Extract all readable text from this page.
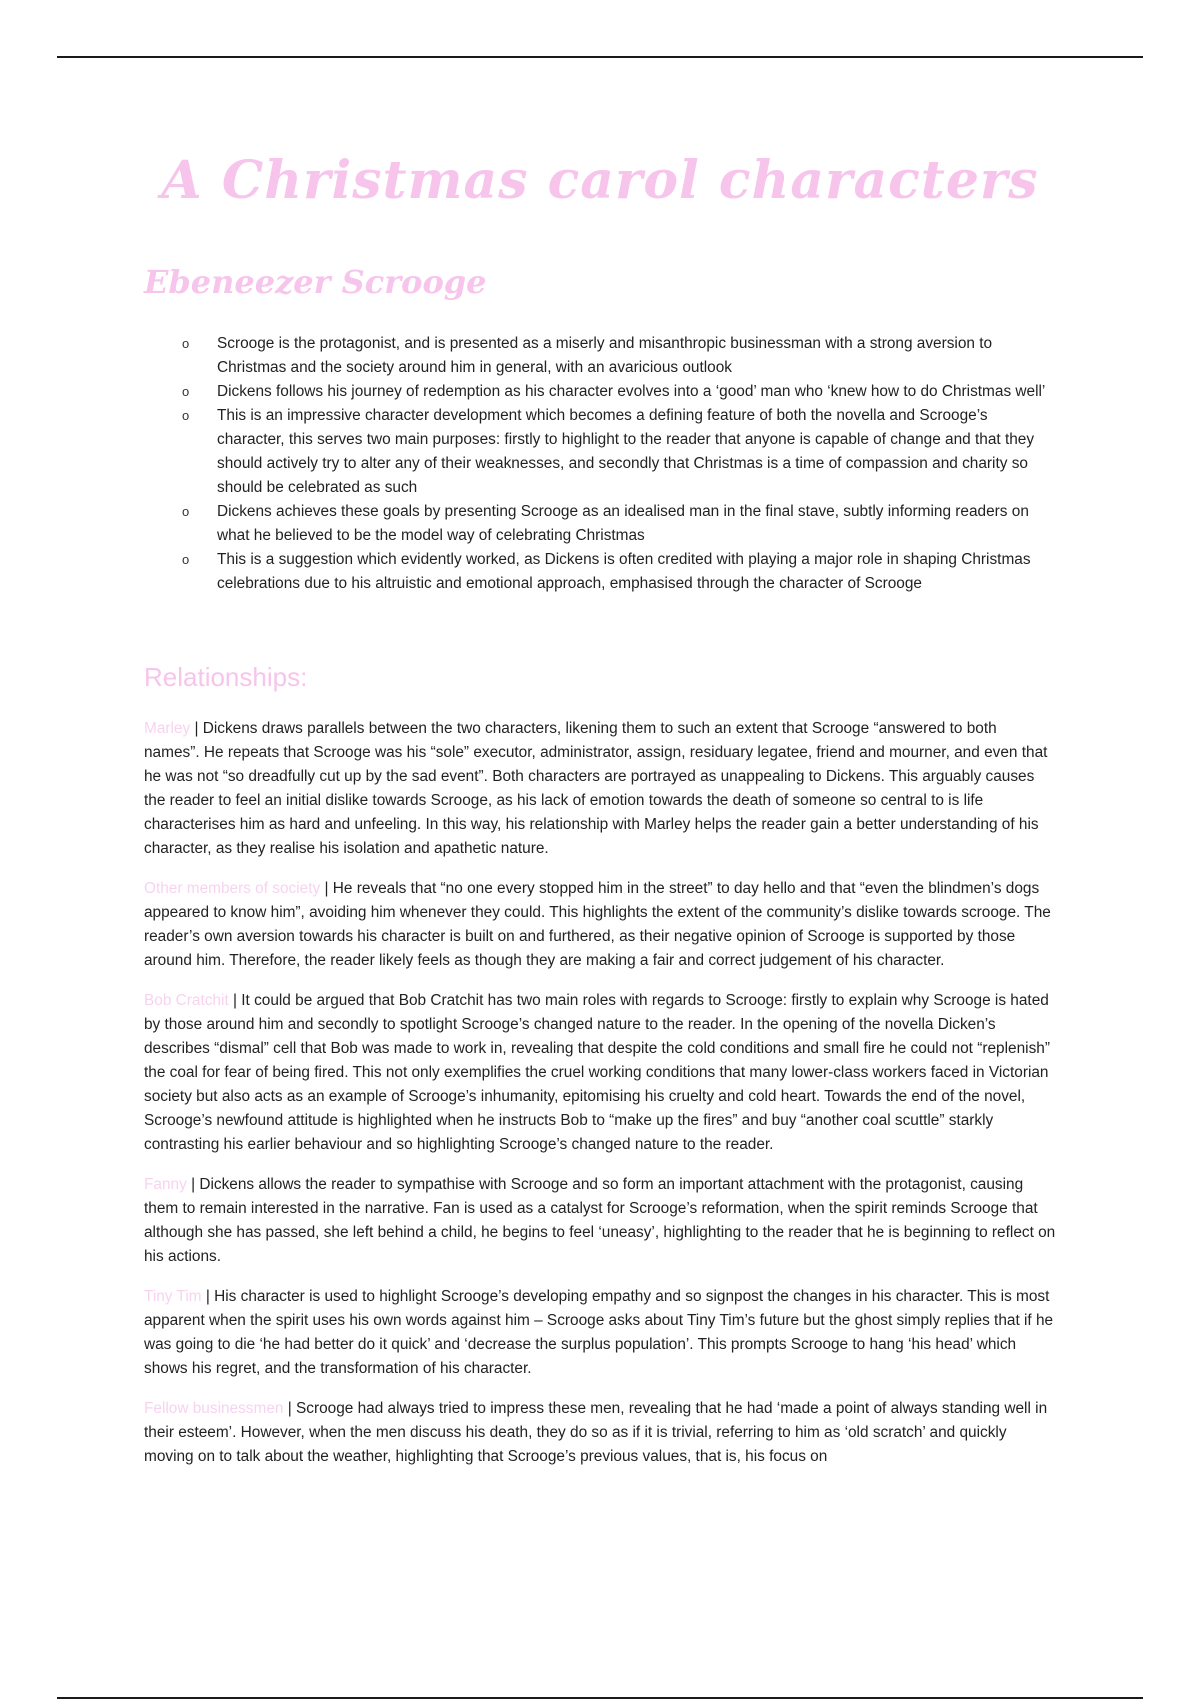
A Christmas carol characters
Ebeneezer Scrooge
o Scrooge is the protagonist, and is presented as a miserly and misanthropic businessman with a strong aversion to Christmas and the society around him in general, with an avaricious outlook
o Dickens follows his journey of redemption as his character evolves into a ‘good’ man who ‘knew how to do Christmas well’
o This is an impressive character development which becomes a defining feature of both the novella and Scrooge’s character, this serves two main purposes: firstly to highlight to the reader that anyone is capable of change and that they should actively try to alter any of their weaknesses, and secondly that Christmas is a time of compassion and charity so should be celebrated as such
o Dickens achieves these goals by presenting Scrooge as an idealised man in the final stave, subtly informing readers on what he believed to be the model way of celebrating Christmas
o This is a suggestion which evidently worked, as Dickens is often credited with playing a major role in shaping Christmas celebrations due to his altruistic and emotional approach, emphasised through the character of Scrooge
Relationships:

Marley | Dickens draws parallels between the two characters, likening them to such an extent that Scrooge “answered to both names”. He repeats that Scrooge was his “sole” executor, administrator, assign, residuary legatee, friend and mourner, and even that he was not “so dreadfully cut up by the sad event”. Both characters are portrayed as unappealing to Dickens. This arguably causes the reader to feel an initial dislike towards Scrooge, as his lack of emotion towards the death of someone so central to is life characterises him as hard and unfeeling. In this way, his relationship with Marley helps the reader gain a better understanding of his character, as they realise his isolation and apathetic nature.

Other members of society | He reveals that “no one every stopped him in the street” to day hello and that “even the blindmen’s dogs appeared to know him”, avoiding him whenever they could. This highlights the extent of the community’s dislike towards scrooge. The reader’s own aversion towards his character is built on and furthered, as their negative opinion of Scrooge is supported by those around him. Therefore, the reader likely feels as though they are making a fair and correct judgement of his character.

Bob Cratchit | It could be argued that Bob Cratchit has two main roles with regards to Scrooge: firstly to explain why Scrooge is hated by those around him and secondly to spotlight Scrooge’s changed nature to the reader. In the opening of the novella Dicken’s describes “dismal” cell that Bob was made to work in, revealing that despite the cold conditions and small fire he could not “replenish” the coal for fear of being fired. This not only exemplifies the cruel working conditions that many lower-class workers faced in Victorian society but also acts as an example of Scrooge’s inhumanity, epitomising his cruelty and cold heart. Towards the end of the novel, Scrooge’s newfound attitude is highlighted when he instructs Bob to “make up the fires” and buy “another coal scuttle” starkly contrasting his earlier behaviour and so highlighting Scrooge’s changed nature to the reader.

Fanny | Dickens allows the reader to sympathise with Scrooge and so form an important attachment with the protagonist, causing them to remain interested in the narrative. Fan is used as a catalyst for Scrooge’s reformation, when the spirit reminds Scrooge that although she has passed, she left behind a child, he begins to feel ‘uneasy’, highlighting to the reader that he is beginning to reflect on his actions.

Tiny Tim | His character is used to highlight Scrooge’s developing empathy and so signpost the changes in his character. This is most apparent when the spirit uses his own words against him – Scrooge asks about Tiny Tim’s future but the ghost simply replies that if he was going to die ‘he had better do it quick’ and ‘decrease the surplus population’. This prompts Scrooge to hang ‘his head’ which shows his regret, and the transformation of his character.

Fellow businessmen | Scrooge had always tried to impress these men, revealing that he had ‘made a point of always standing well in their esteem’. However, when the men discuss his death, they do so as if it is trivial, referring to him as ‘old scratch’ and quickly moving on to talk about the weather, highlighting that Scrooge’s previous values, that is, his focus on
